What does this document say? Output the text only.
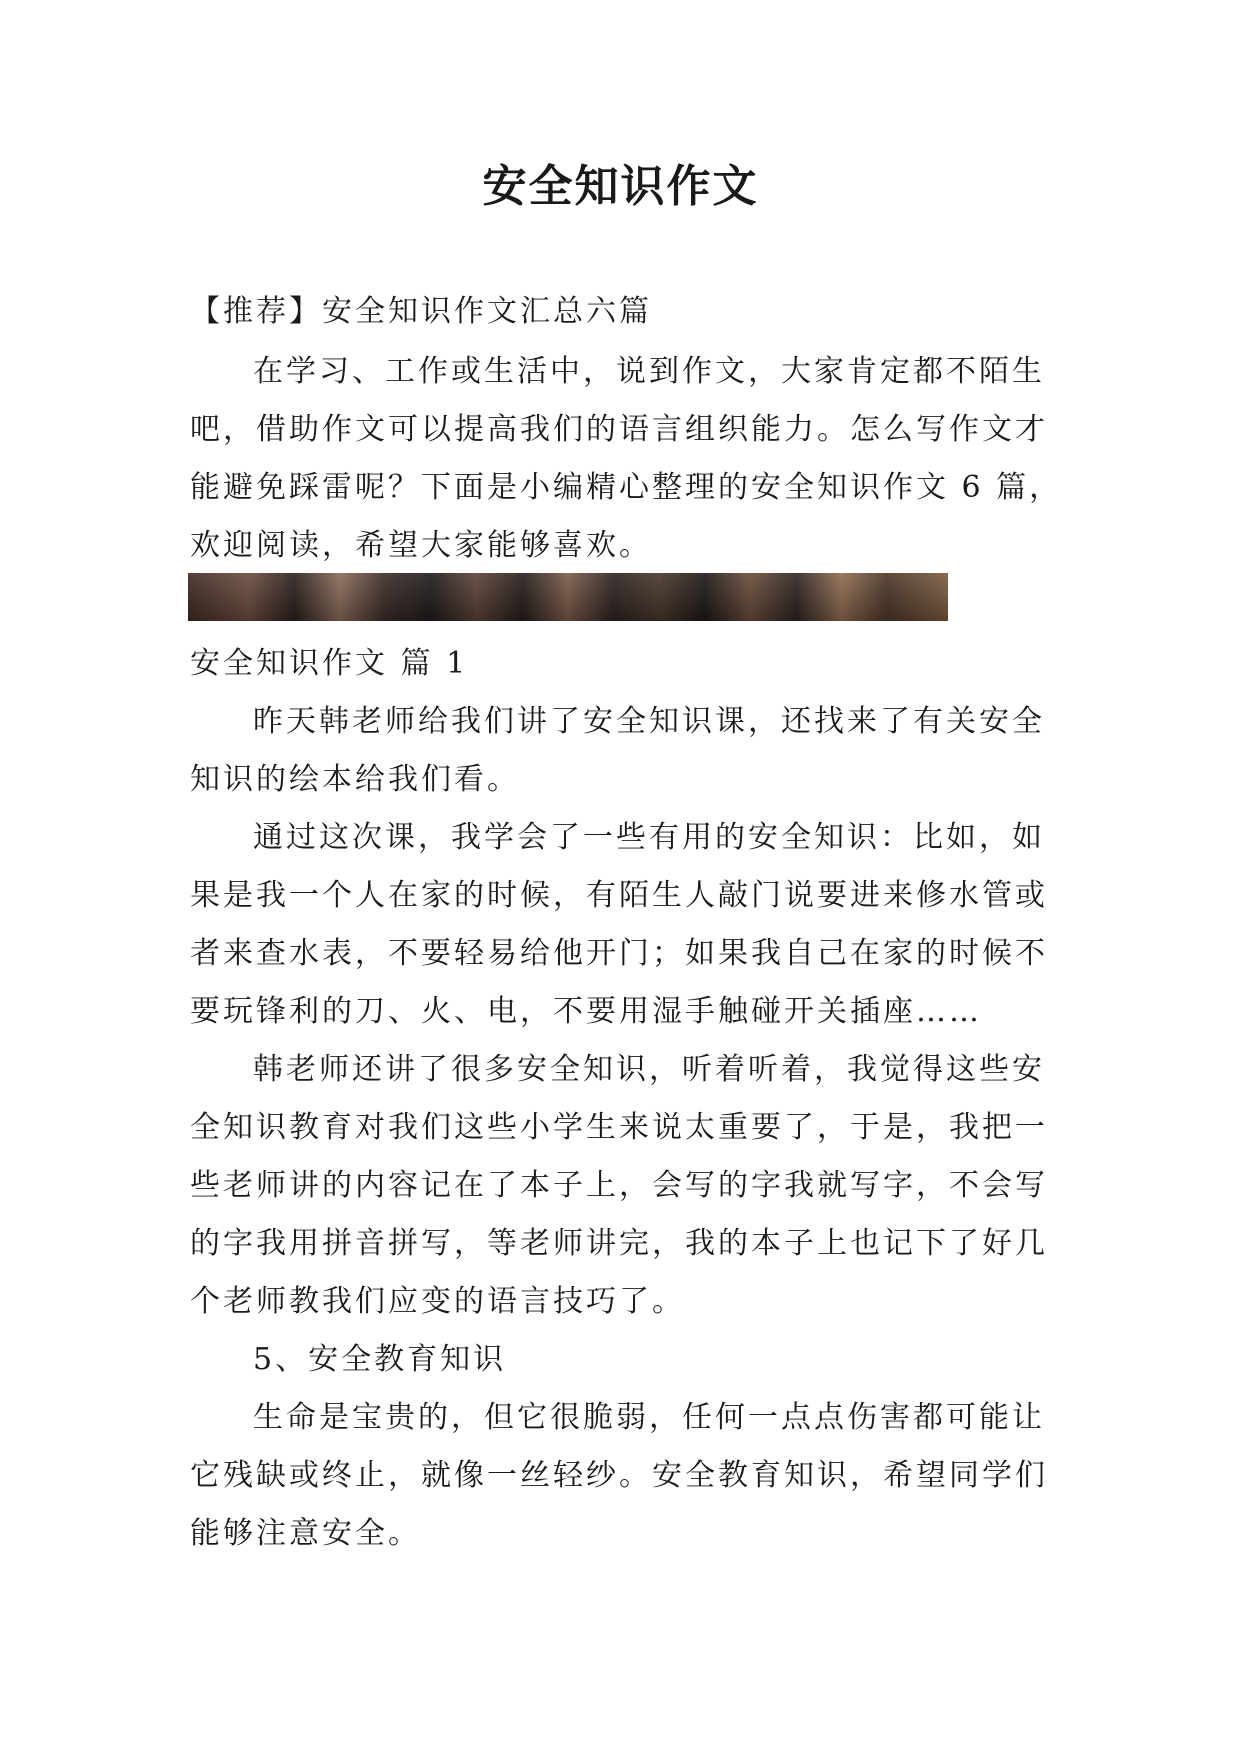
安全知识作文
【推荐】安全知识作文汇总六篇
在学习、工作或生活中，说到作文，大家肯定都不陌生
吧，借助作文可以提高我们的语言组织能力。怎么写作文才
能避免踩雷呢？下面是小编精心整理的安全知识作文 6 篇，
欢迎阅读，希望大家能够喜欢。
安全知识作文 篇 1
昨天韩老师给我们讲了安全知识课，还找来了有关安全
知识的绘本给我们看。
通过这次课，我学会了一些有用的安全知识：比如，如
果是我一个人在家的时候，有陌生人敲门说要进来修水管或
者来查水表，不要轻易给他开门；如果我自己在家的时候不
要玩锋利的刀、火、电，不要用湿手触碰开关插座……
韩老师还讲了很多安全知识，听着听着，我觉得这些安
全知识教育对我们这些小学生来说太重要了，于是，我把一
些老师讲的内容记在了本子上，会写的字我就写字，不会写
的字我用拼音拼写，等老师讲完，我的本子上也记下了好几
个老师教我们应变的语言技巧了。
5、安全教育知识
生命是宝贵的，但它很脆弱，任何一点点伤害都可能让
它残缺或终止，就像一丝轻纱。安全教育知识，希望同学们
能够注意安全。
